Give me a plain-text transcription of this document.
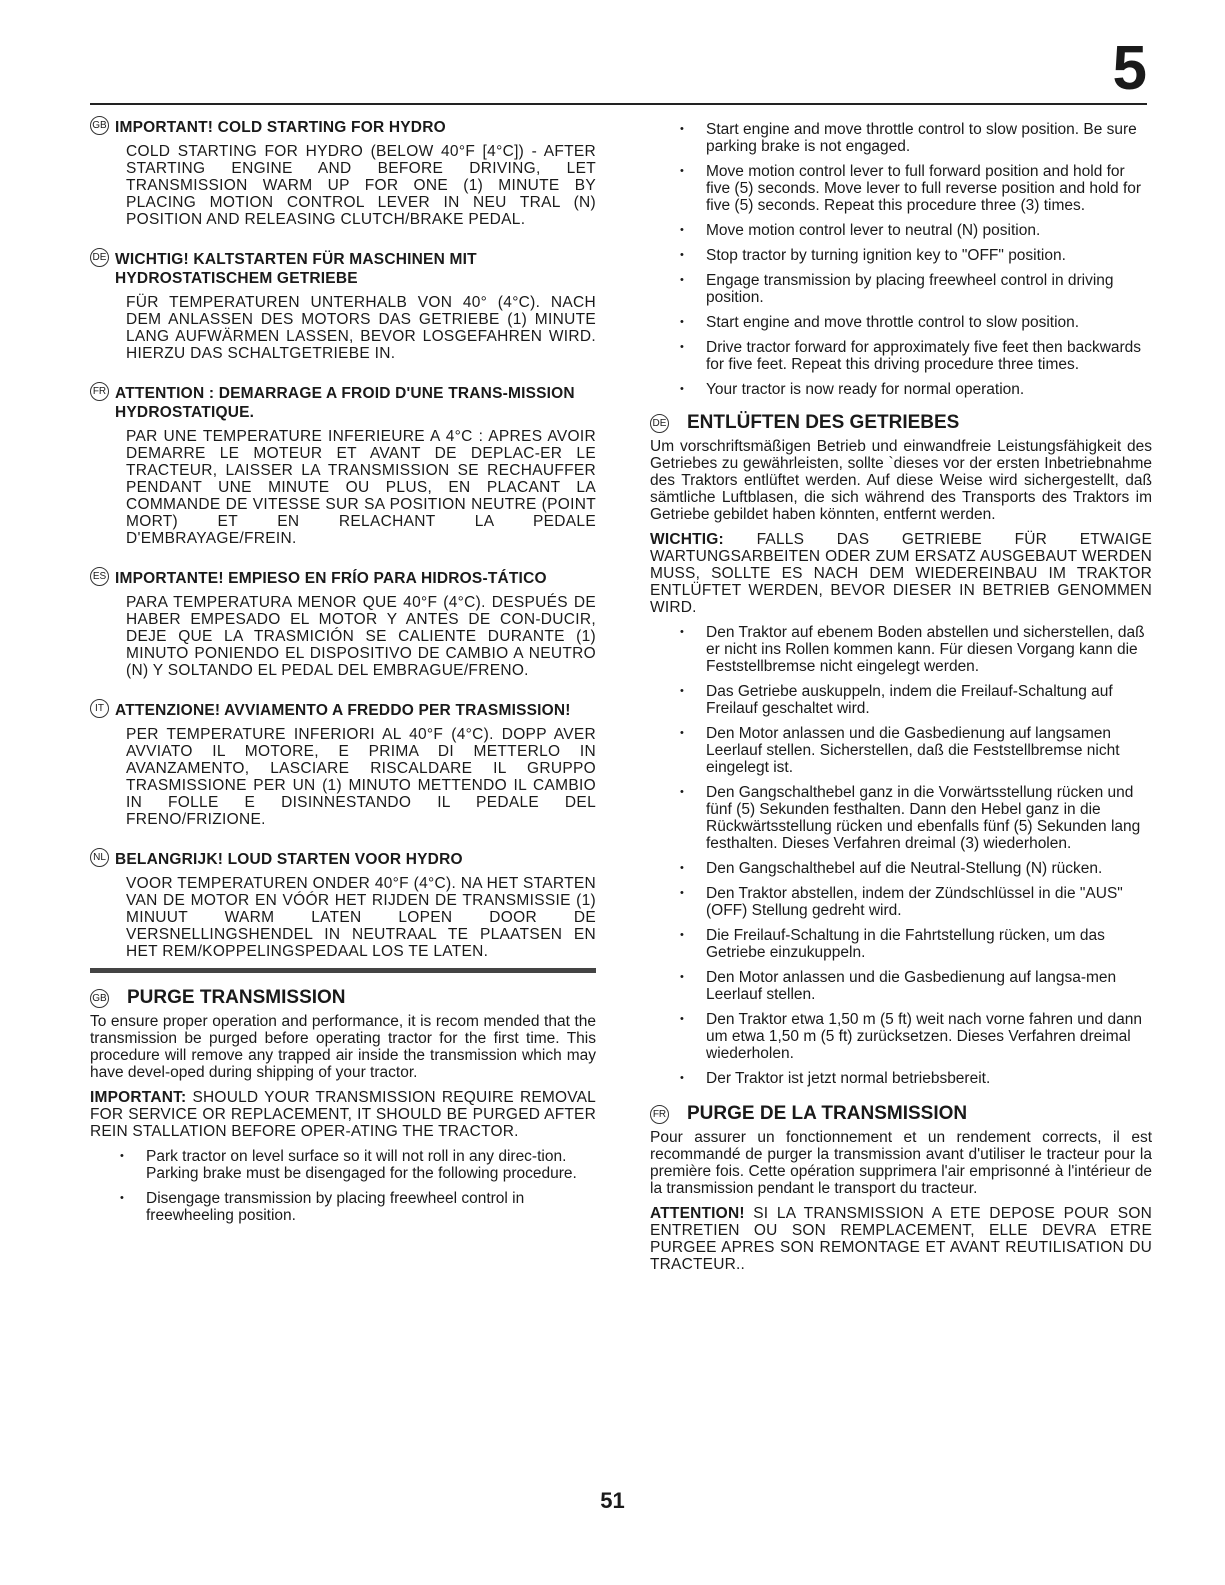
5
GB IMPORTANT! COLD STARTING FOR HYDRO
COLD STARTING FOR HYDRO (BELOW 40°F [4°C]) - AFTER STARTING ENGINE AND BEFORE DRIVING, LET TRANSMISSION WARM UP FOR ONE (1) MINUTE BY PLACING MOTION CONTROL LEVER IN NEU TRAL (N) POSITION AND RELEASING CLUTCH/BRAKE PEDAL.
DE WICHTIG! KALTSTARTEN FÜR MASCHINEN MIT HYDROSTATISCHEM GETRIEBE
FÜR TEMPERATUREN UNTERHALB VON 40° (4°C). NACH DEM ANLASSEN DES MOTORS DAS GETRIEBE (1) MINUTE LANG AUFWÄRMEN LASSEN, BEVOR LOSGEFAHREN WIRD. HIERZU DAS SCHALTGETRIEBE IN.
FR ATTENTION : DEMARRAGE A FROID D'UNE TRANS-MISSION HYDROSTATIQUE.
PAR UNE TEMPERATURE INFERIEURE A 4°C : APRES AVOIR DEMARRE LE MOTEUR ET AVANT DE DEPLAC-ER LE TRACTEUR, LAISSER LA TRANSMISSION SE RECHAUFFER PENDANT UNE MINUTE OU PLUS, EN PLACANT LA COMMANDE DE VITESSE SUR SA POSITION NEUTRE (POINT MORT) ET EN RELACHANT LA PEDALE D'EMBRAYAGE/FREIN.
ES IMPORTANTE! EMPIESO EN FRÍO PARA HIDROS-TÁTICO
PARA TEMPERATURA MENOR QUE 40°F (4°C). DESPUÉS DE HABER EMPESADO EL MOTOR Y ANTES DE CON-DUCIR, DEJE QUE LA TRASMICIÓN SE CALIENTE DURANTE (1) MINUTO PONIENDO EL DISPOSITIVO DE CAMBIO A NEUTRO (N) Y SOLTANDO EL PEDAL DEL EMBRAGUE/FRENO.
IT ATTENZIONE! AVVIAMENTO A FREDDO PER TRASMISSION!
PER TEMPERATURE INFERIORI AL 40°F (4°C). DOPP AVER AVVIATO IL MOTORE, E PRIMA DI METTERLO IN AVANZAMENTO, LASCIARE RISCALDARE IL GRUPPO TRASMISSIONE PER UN (1) MINUTO METTENDO IL CAMBIO IN FOLLE E DISINNESTANDO IL PEDALE DEL FRENO/FRIZIONE.
NL BELANGRIJK! LOUD STARTEN VOOR HYDRO
VOOR TEMPERATUREN ONDER 40°F (4°C). NA HET STARTEN VAN DE MOTOR EN VÓÓR HET RIJDEN DE TRANSMISSIE (1) MINUUT WARM LATEN LOPEN DOOR DE VERSNELLINGSHENDEL IN NEUTRAAL TE PLAATSEN EN HET REM/KOPPELINGSPEDAAL LOS TE LATEN.
GB PURGE TRANSMISSION
To ensure proper operation and performance, it is recom mended that the transmission be purged before operating tractor for the first time. This procedure will remove any trapped air inside the transmission which may have devel-oped during shipping of your tractor.
IMPORTANT: SHOULD YOUR TRANSMISSION REQUIRE REMOVAL FOR SERVICE OR REPLACEMENT, IT SHOULD BE PURGED AFTER REIN STALLATION BEFORE OPER-ATING THE TRACTOR.
• Park tractor on level surface so it will not roll in any direc-tion. Parking brake must be disengaged for the following procedure.
• Disengage transmission by placing freewheel control in freewheeling position.
• Start engine and move throttle control to slow position. Be sure parking brake is not engaged.
• Move motion control lever to full forward position and hold for five (5) seconds. Move lever to full reverse position and hold for five (5) seconds. Repeat this procedure three (3) times.
• Move motion control lever to neutral (N) position.
• Stop tractor by turning ignition key to "OFF" position.
• Engage transmission by placing freewheel control in driving position.
• Start engine and move throttle control to slow position.
• Drive tractor forward for approximately five feet then backwards for five feet. Repeat this driving procedure three times.
• Your tractor is now ready for normal operation.
DE ENTLÜFTEN DES GETRIEBES
Um vorschriftsmäßigen Betrieb und einwandfreie Leistungsfähigkeit des Getriebes zu gewährleisten, sollte `dieses vor der ersten Inbetriebnahme des Traktors entlüftet werden. Auf diese Weise wird sichergestellt, daß sämtliche Luftblasen, die sich während des Transports des Traktors im Getriebe gebildet haben könnten, entfernt werden.
WICHTIG: FALLS DAS GETRIEBE FÜR ETWAIGE WARTUNGSARBEITEN ODER ZUM ERSATZ AUSGEBAUT WERDEN MUSS, SOLLTE ES NACH DEM WIEDEREINBAU IM TRAKTOR ENTLÜFTET WERDEN, BEVOR DIESER IN BETRIEB GENOMMEN WIRD.
• Den Traktor auf ebenem Boden abstellen und sicherstellen, daß er nicht ins Rollen kommen kann. Für diesen Vorgang kann die Feststellbremse nicht eingelegt werden.
• Das Getriebe auskuppeln, indem die Freilauf-Schaltung auf Freilauf geschaltet wird.
• Den Motor anlassen und die Gasbedienung auf langsamen Leerlauf stellen. Sicherstellen, daß die Feststellbremse nicht eingelegt ist.
• Den Gangschalthebel ganz in die Vorwärtsstellung rücken und fünf (5) Sekunden festhalten. Dann den Hebel ganz in die Rückwärtsstellung rücken und ebenfalls fünf (5) Sekunden lang festhalten. Dieses Verfahren dreimal (3) wiederholen.
• Den Gangschalthebel auf die Neutral-Stellung (N) rücken.
• Den Traktor abstellen, indem der Zündschlüssel in die "AUS" (OFF) Stellung gedreht wird.
• Die Freilauf-Schaltung in die Fahrtstellung rücken, um das Getriebe einzukuppeln.
• Den Motor anlassen und die Gasbedienung auf langsa-men Leerlauf stellen.
• Den Traktor etwa 1,50 m (5 ft) weit nach vorne fahren und dann um etwa 1,50 m (5 ft) zurücksetzen. Dieses Verfahren dreimal wiederholen.
• Der Traktor ist jetzt normal betriebsbereit.
FR PURGE DE LA TRANSMISSION
Pour assurer un fonctionnement et un rendement corrects, il est recommandé de purger la transmission avant d'utiliser le tracteur pour la première fois. Cette opération supprimera l'air emprisonné à l'intérieur de la transmission pendant le transport du tracteur.
ATTENTION! SI LA TRANSMISSION A ETE DEPOSE POUR SON ENTRETIEN OU SON REMPLACEMENT, ELLE DEVRA ETRE PURGEE APRES SON REMONTAGE ET AVANT REUTILISATION DU TRACTEUR..
51
